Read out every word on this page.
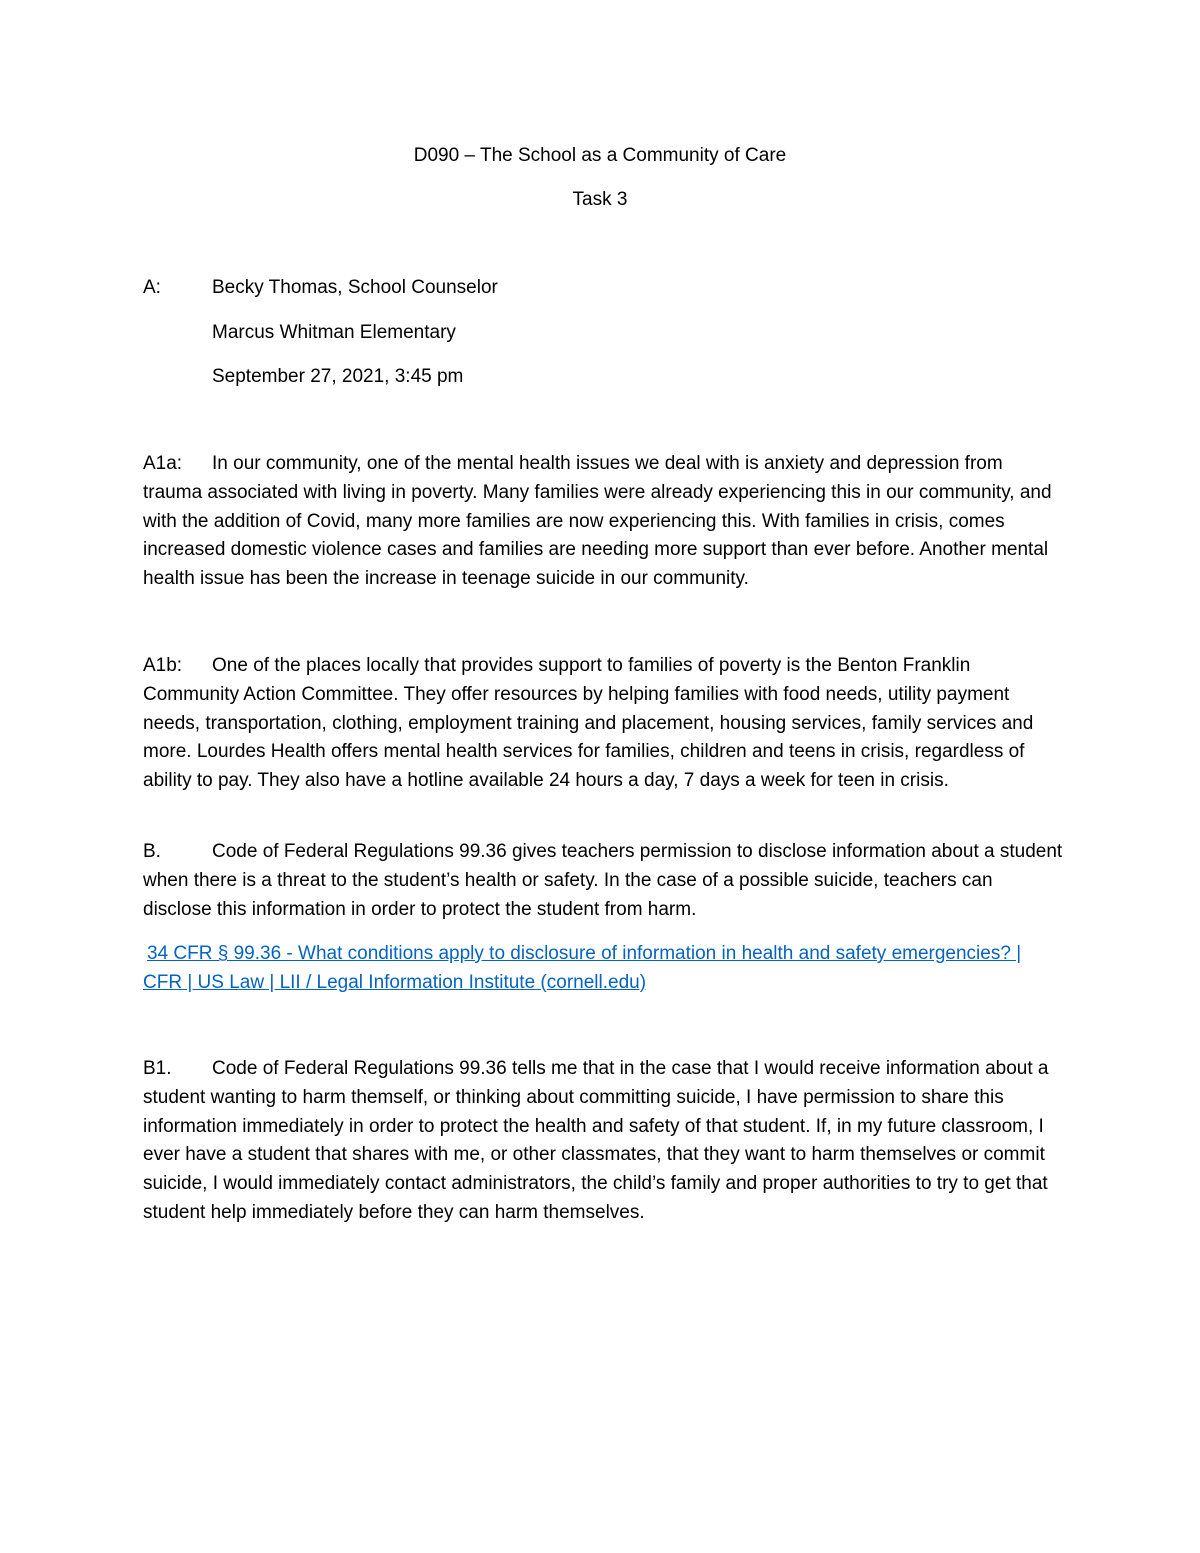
D090 – The School as a Community of Care
Task 3
A:	Becky Thomas, School Counselor
Marcus Whitman Elementary
September 27, 2021, 3:45 pm
A1a: In our community, one of the mental health issues we deal with is anxiety and depression from trauma associated with living in poverty. Many families were already experiencing this in our community, and with the addition of Covid, many more families are now experiencing this. With families in crisis, comes increased domestic violence cases and families are needing more support than ever before. Another mental health issue has been the increase in teenage suicide in our community.
A1b: One of the places locally that provides support to families of poverty is the Benton Franklin Community Action Committee. They offer resources by helping families with food needs, utility payment needs, transportation, clothing, employment training and placement, housing services, family services and more. Lourdes Health offers mental health services for families, children and teens in crisis, regardless of ability to pay. They also have a hotline available 24 hours a day, 7 days a week for teen in crisis.
B.	Code of Federal Regulations 99.36 gives teachers permission to disclose information about a student when there is a threat to the student’s health or safety. In the case of a possible suicide, teachers can disclose this information in order to protect the student from harm.
34 CFR § 99.36 - What conditions apply to disclosure of information in health and safety emergencies? | CFR | US Law | LII / Legal Information Institute (cornell.edu)
B1. Code of Federal Regulations 99.36 tells me that in the case that I would receive information about a student wanting to harm themself, or thinking about committing suicide, I have permission to share this information immediately in order to protect the health and safety of that student. If, in my future classroom, I ever have a student that shares with me, or other classmates, that they want to harm themselves or commit suicide, I would immediately contact administrators, the child’s family and proper authorities to try to get that student help immediately before they can harm themselves.
